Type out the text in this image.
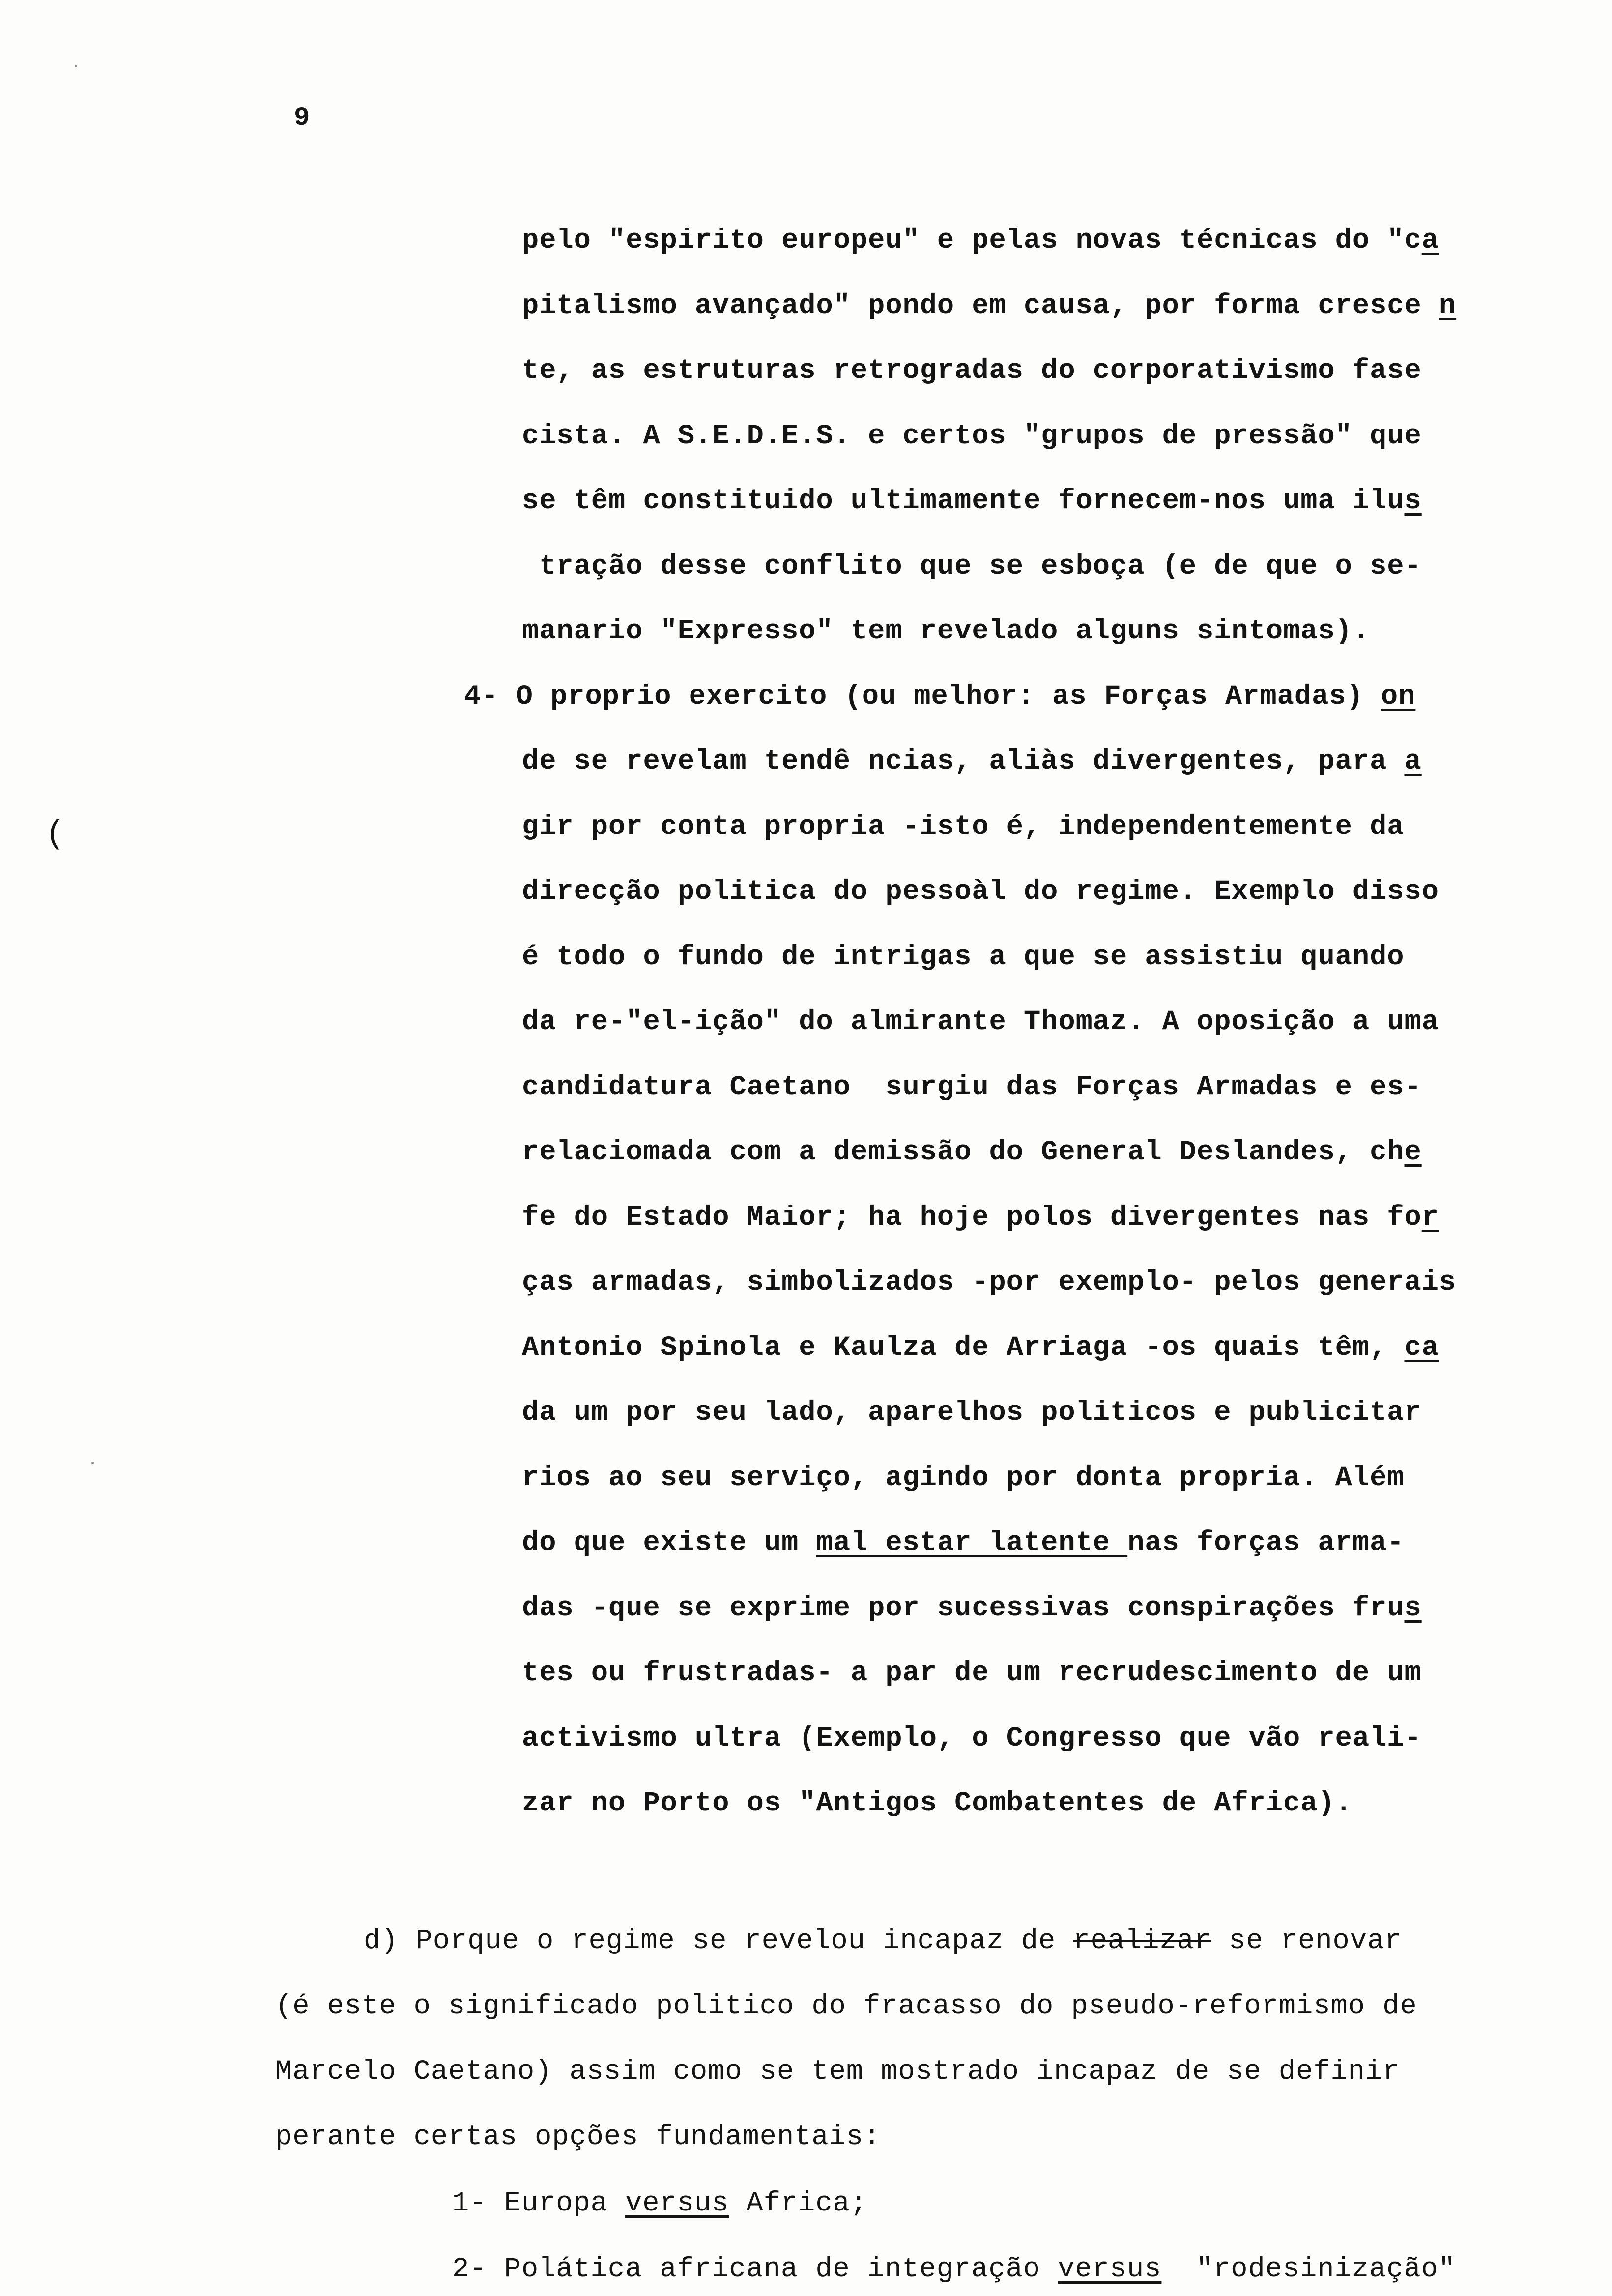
9
(
pelo "espirito europeu" e pelas novas técnicas do "ca
pitalismo avançado" pondo em causa, por forma cresce n
te, as estruturas retrogradas do corporativismo fase
cista. A S.E.D.E.S. e certos "grupos de pressão" que
se têm constituido ultimamente fornecem-nos uma ilus
tração desse conflito que se esboça (e de que o se-
manario "Expresso" tem revelado alguns sintomas).
4- O proprio exercito (ou melhor: as Forças Armadas) on
de se revelam tendê ncias, aliàs divergentes, para a
gir por conta propria -isto é, independentemente da
direcção politica do pessoàl do regime. Exemplo disso
é todo o fundo de intrigas a que se assistiu quando
da re-"el-ição" do almirante Thomaz. A oposição a uma
candidatura Caetano  surgiu das Forças Armadas e es-
relaciomada com a demissão do General Deslandes, che
fe do Estado Maior; ha hoje polos divergentes nas for
ças armadas, simbolizados -por exemplo- pelos generais
Antonio Spinola e Kaulza de Arriaga -os quais têm, ca
da um por seu lado, aparelhos politicos e publicitar
rios ao seu serviço, agindo por donta propria. Além
do que existe um mal estar latente nas forças arma-
das -que se exprime por sucessivas conspirações frus
tes ou frustradas- a par de um recrudescimento de um
activismo ultra (Exemplo, o Congresso que vão reali-
zar no Porto os "Antigos Combatentes de Africa).
d) Porque o regime se revelou incapaz de realizar se renovar
(é este o significado politico do fracasso do pseudo-reformismo de
Marcelo Caetano) assim como se tem mostrado incapaz de se definir
perante certas opções fundamentais:
1- Europa versus Africa;
2- Polática africana de integração versus  "rodesinização"
